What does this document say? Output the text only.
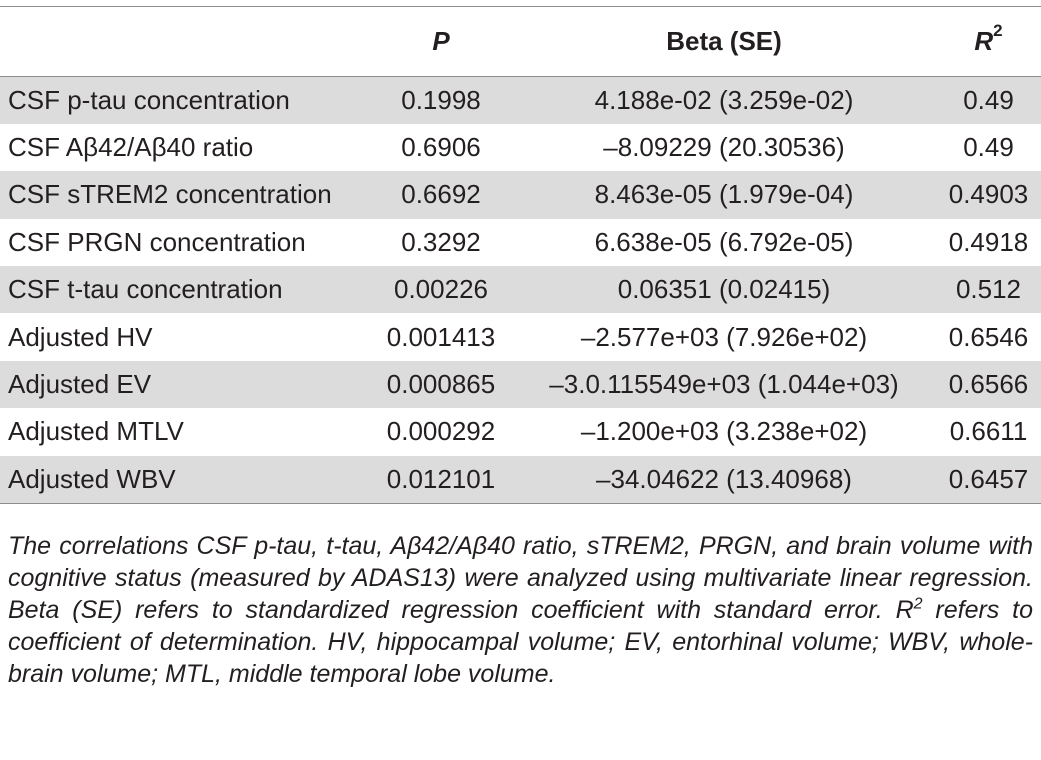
	P	Beta (SE)	$R^2$
CSF p-tau concentration	0.1998	4.188e-02 (3.259e-02)	0.49
CSF Aβ42/Aβ40 ratio	0.6906	–8.09229 (20.30536)	0.49
CSF sTREM2 concentration	0.6692	8.463e-05 (1.979e-04)	0.4903
CSF PRGN concentration	0.3292	6.638e-05 (6.792e-05)	0.4918
CSF t-tau concentration	0.00226	0.06351 (0.02415)	0.512
Adjusted HV	0.001413	–2.577e+03 (7.926e+02)	0.6546
Adjusted EV	0.000865	–3.0.115549e+03 (1.044e+03)	0.6566
Adjusted MTLV	0.000292	–1.200e+03 (3.238e+02)	0.6611
Adjusted WBV	0.012101	–34.04622 (13.40968)	0.6457

The correlations CSF p-tau, t-tau, Aβ42/Aβ40 ratio, sTREM2, PRGN, and brain volume with cognitive status (measured by ADAS13) were analyzed using multivariate linear regression. Beta (SE) refers to standardized regression coefficient with standard error. $R^2$ refers to coefficient of determination. HV, hippocampal volume; EV, entorhinal volume; WBV, whole-brain volume; MTL, middle temporal lobe volume.
